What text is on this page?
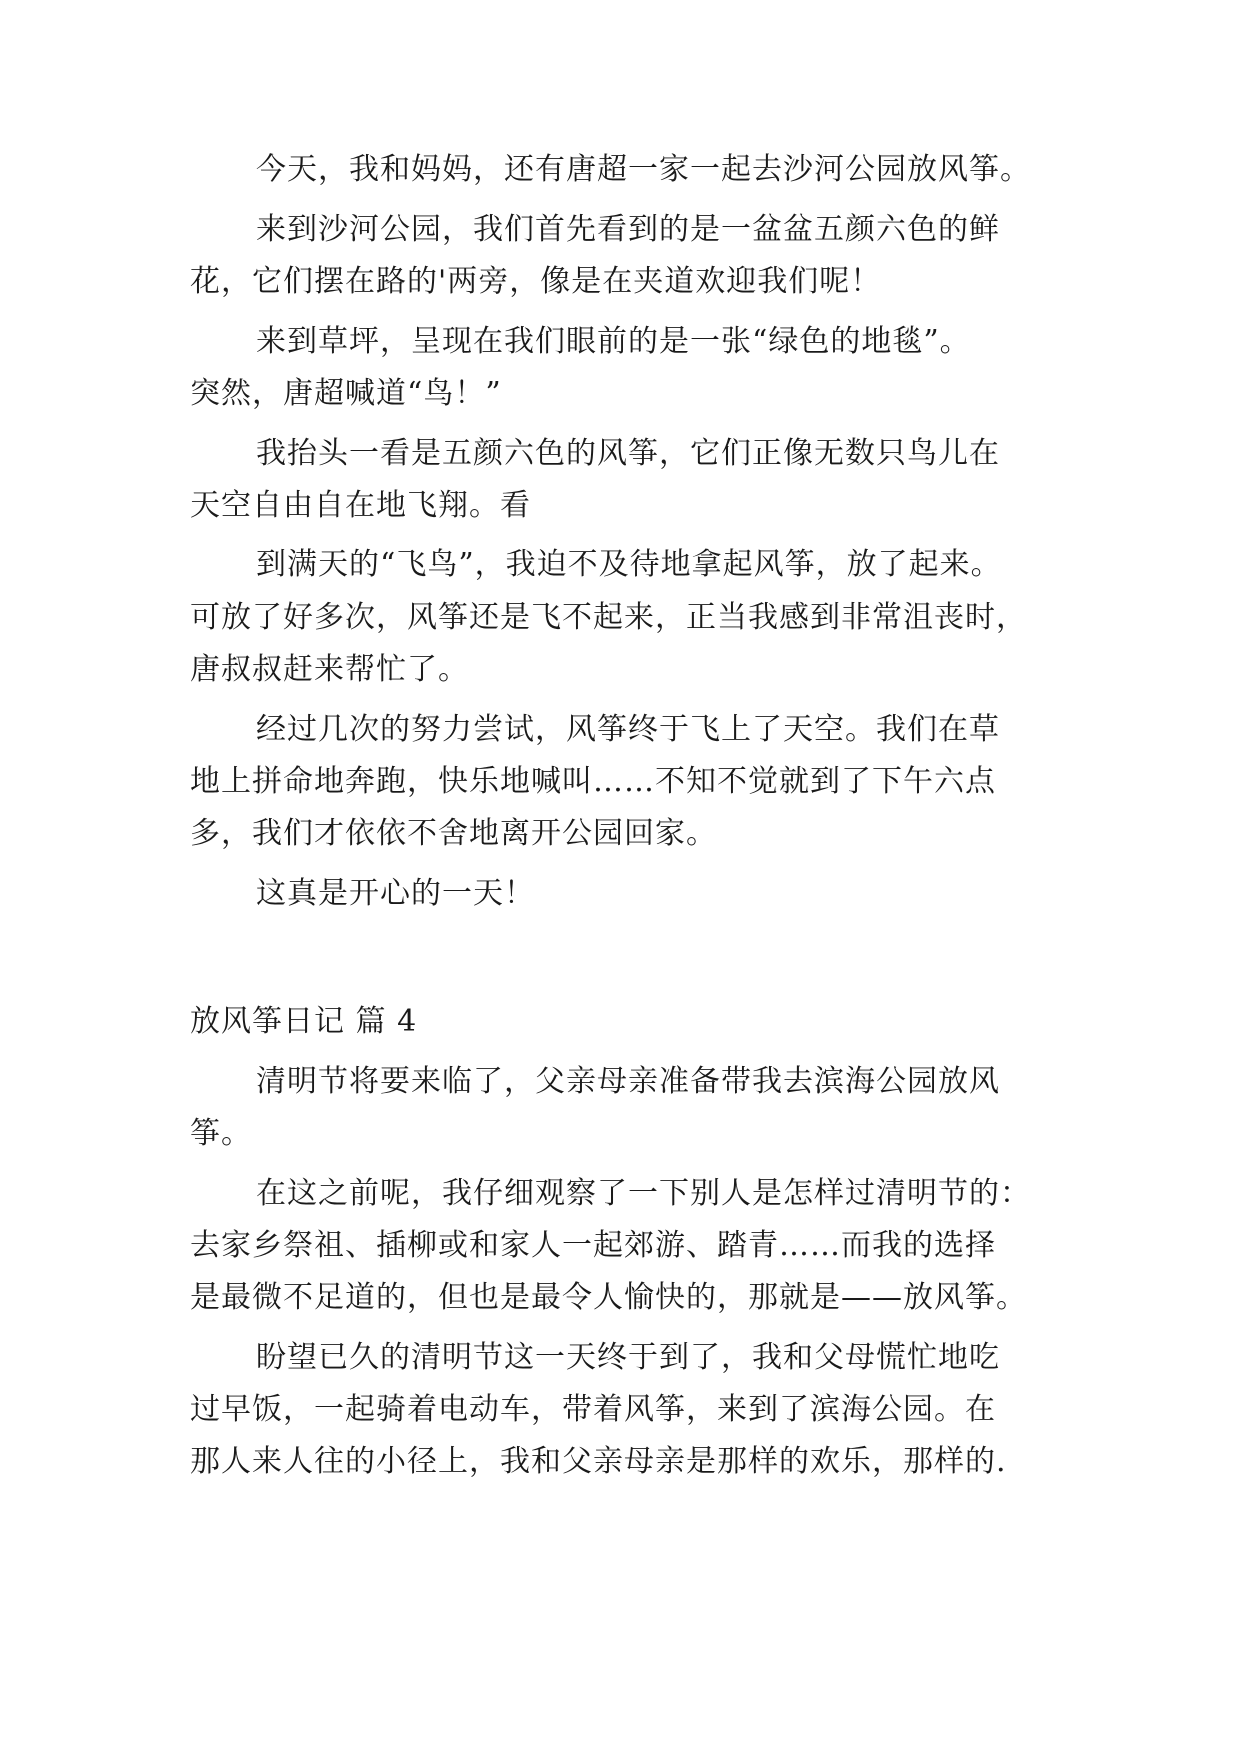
今天，我和妈妈，还有唐超一家一起去沙河公园放风筝。
来到沙河公园，我们首先看到的是一盆盆五颜六色的鲜
花，它们摆在路的'两旁，像是在夹道欢迎我们呢！
来到草坪，呈现在我们眼前的是一张“绿色的地毯”。
突然，唐超喊道“鸟！”
我抬头一看是五颜六色的风筝，它们正像无数只鸟儿在
天空自由自在地飞翔。看
到满天的“飞鸟”，我迫不及待地拿起风筝，放了起来。
可放了好多次，风筝还是飞不起来，正当我感到非常沮丧时，
唐叔叔赶来帮忙了。
经过几次的努力尝试，风筝终于飞上了天空。我们在草
地上拼命地奔跑，快乐地喊叫……不知不觉就到了下午六点
多，我们才依依不舍地离开公园回家。
这真是开心的一天！
放风筝日记 篇 4
清明节将要来临了，父亲母亲准备带我去滨海公园放风
筝。
在这之前呢，我仔细观察了一下别人是怎样过清明节的：
去家乡祭祖、插柳或和家人一起郊游、踏青……而我的选择
是最微不足道的，但也是最令人愉快的，那就是——放风筝。
盼望已久的清明节这一天终于到了，我和父母慌忙地吃
过早饭，一起骑着电动车，带着风筝，来到了滨海公园。在
那人来人往的小径上，我和父亲母亲是那样的欢乐，那样的.
